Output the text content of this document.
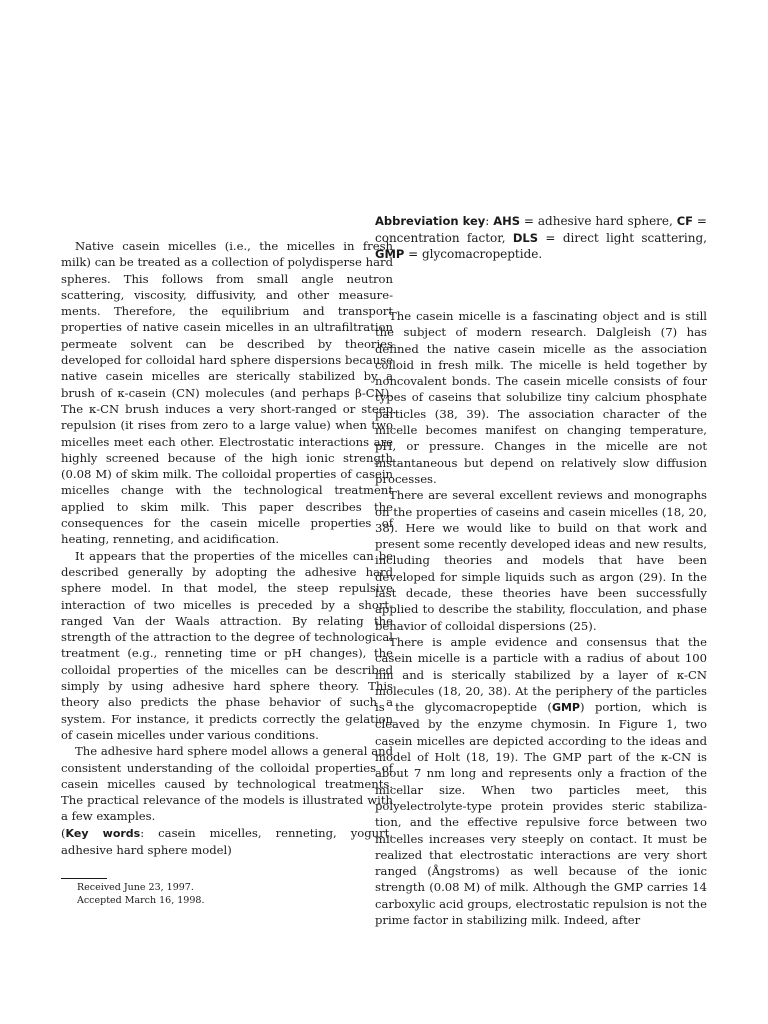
Abbreviation key: AHS = adhesive hard sphere, CF = concentration factor, DLS = direct light scattering, GMP = glycomacropeptide.

Native casein micelles (i.e., the micelles in fresh milk) can be treated as a collection of polydisperse hard spheres. This follows from small angle neutron scattering, viscosity, diffusivity, and other measurements. Therefore, the equilibrium and transport properties of native casein micelles in an ultrafiltration permeate solvent can be described by theories developed for colloidal hard sphere dispersions because native casein micelles are sterically stabilized by a brush of κ-casein (CN) molecules (and perhaps β-CN). The κ-CN brush induces a very short-ranged or steep repulsion (it rises from zero to a large value) when two micelles meet each other. Electrostatic interactions are highly screened because of the high ionic strength (0.08 M) of skim milk. The colloidal properties of casein micelles change with the technological treatment applied to skim milk. This paper describes the consequences for the casein micelle properties of heating, renneting, and acidification.

It appears that the properties of the micelles can be described generally by adopting the adhesive hard sphere model. In that model, the steep repulsive interaction of two micelles is preceded by a short-ranged Van der Waals attraction. By relating the strength of the attraction to the degree of technological treatment (e.g., renneting time or pH changes), the colloidal properties of the micelles can be described simply by using adhesive hard sphere theory. This theory also predicts the phase behavior of such a system. For instance, it predicts correctly the gelation of casein micelles under various conditions.

The adhesive hard sphere model allows a general and consistent understanding of the colloidal properties of casein micelles caused by technological treatments. The practical relevance of the models is illustrated with a few examples.

(Key words: casein micelles, renneting, yogurt, adhesive hard sphere model)

Received June 23, 1997.
Accepted March 16, 1998.

The casein micelle is a fascinating object and is still the subject of modern research. Dalgleish (7) has defined the native casein micelle as the association colloid in fresh milk. The micelle is held together by noncovalent bonds. The casein micelle consists of four types of caseins that solubilize tiny calcium phosphate particles (38, 39). The association character of the micelle becomes manifest on changing temperature, pH, or pressure. Changes in the micelle are not instantaneous but depend on relatively slow diffusion processes.

There are several excellent reviews and monographs on the properties of caseins and casein micelles (18, 20, 38). Here we would like to build on that work and present some recently developed ideas and new results, including theories and models that have been developed for simple liquids such as argon (29). In the last decade, these theories have been successfully applied to describe the stability, flocculation, and phase behavior of colloidal dispersions (25).

There is ample evidence and consensus that the casein micelle is a particle with a radius of about 100 nm and is sterically stabilized by a layer of κ-CN molecules (18, 20, 38). At the periphery of the particles is the glycomacropeptide (GMP) portion, which is cleaved by the enzyme chymosin. In Figure 1, two casein micelles are depicted according to the ideas and model of Holt (18, 19). The GMP part of the κ-CN is about 7 nm long and represents only a fraction of the micellar size. When two particles meet, this polyelectrolyte-type protein provides steric stabilization, and the effective repulsive force between two micelles increases very steeply on contact. It must be realized that electrostatic interactions are very short ranged (Ångstroms) as well because of the ionic strength (0.08 M) of milk. Although the GMP carries 14 carboxylic acid groups, electrostatic repulsion is not the prime factor in stabilizing milk. Indeed, after
